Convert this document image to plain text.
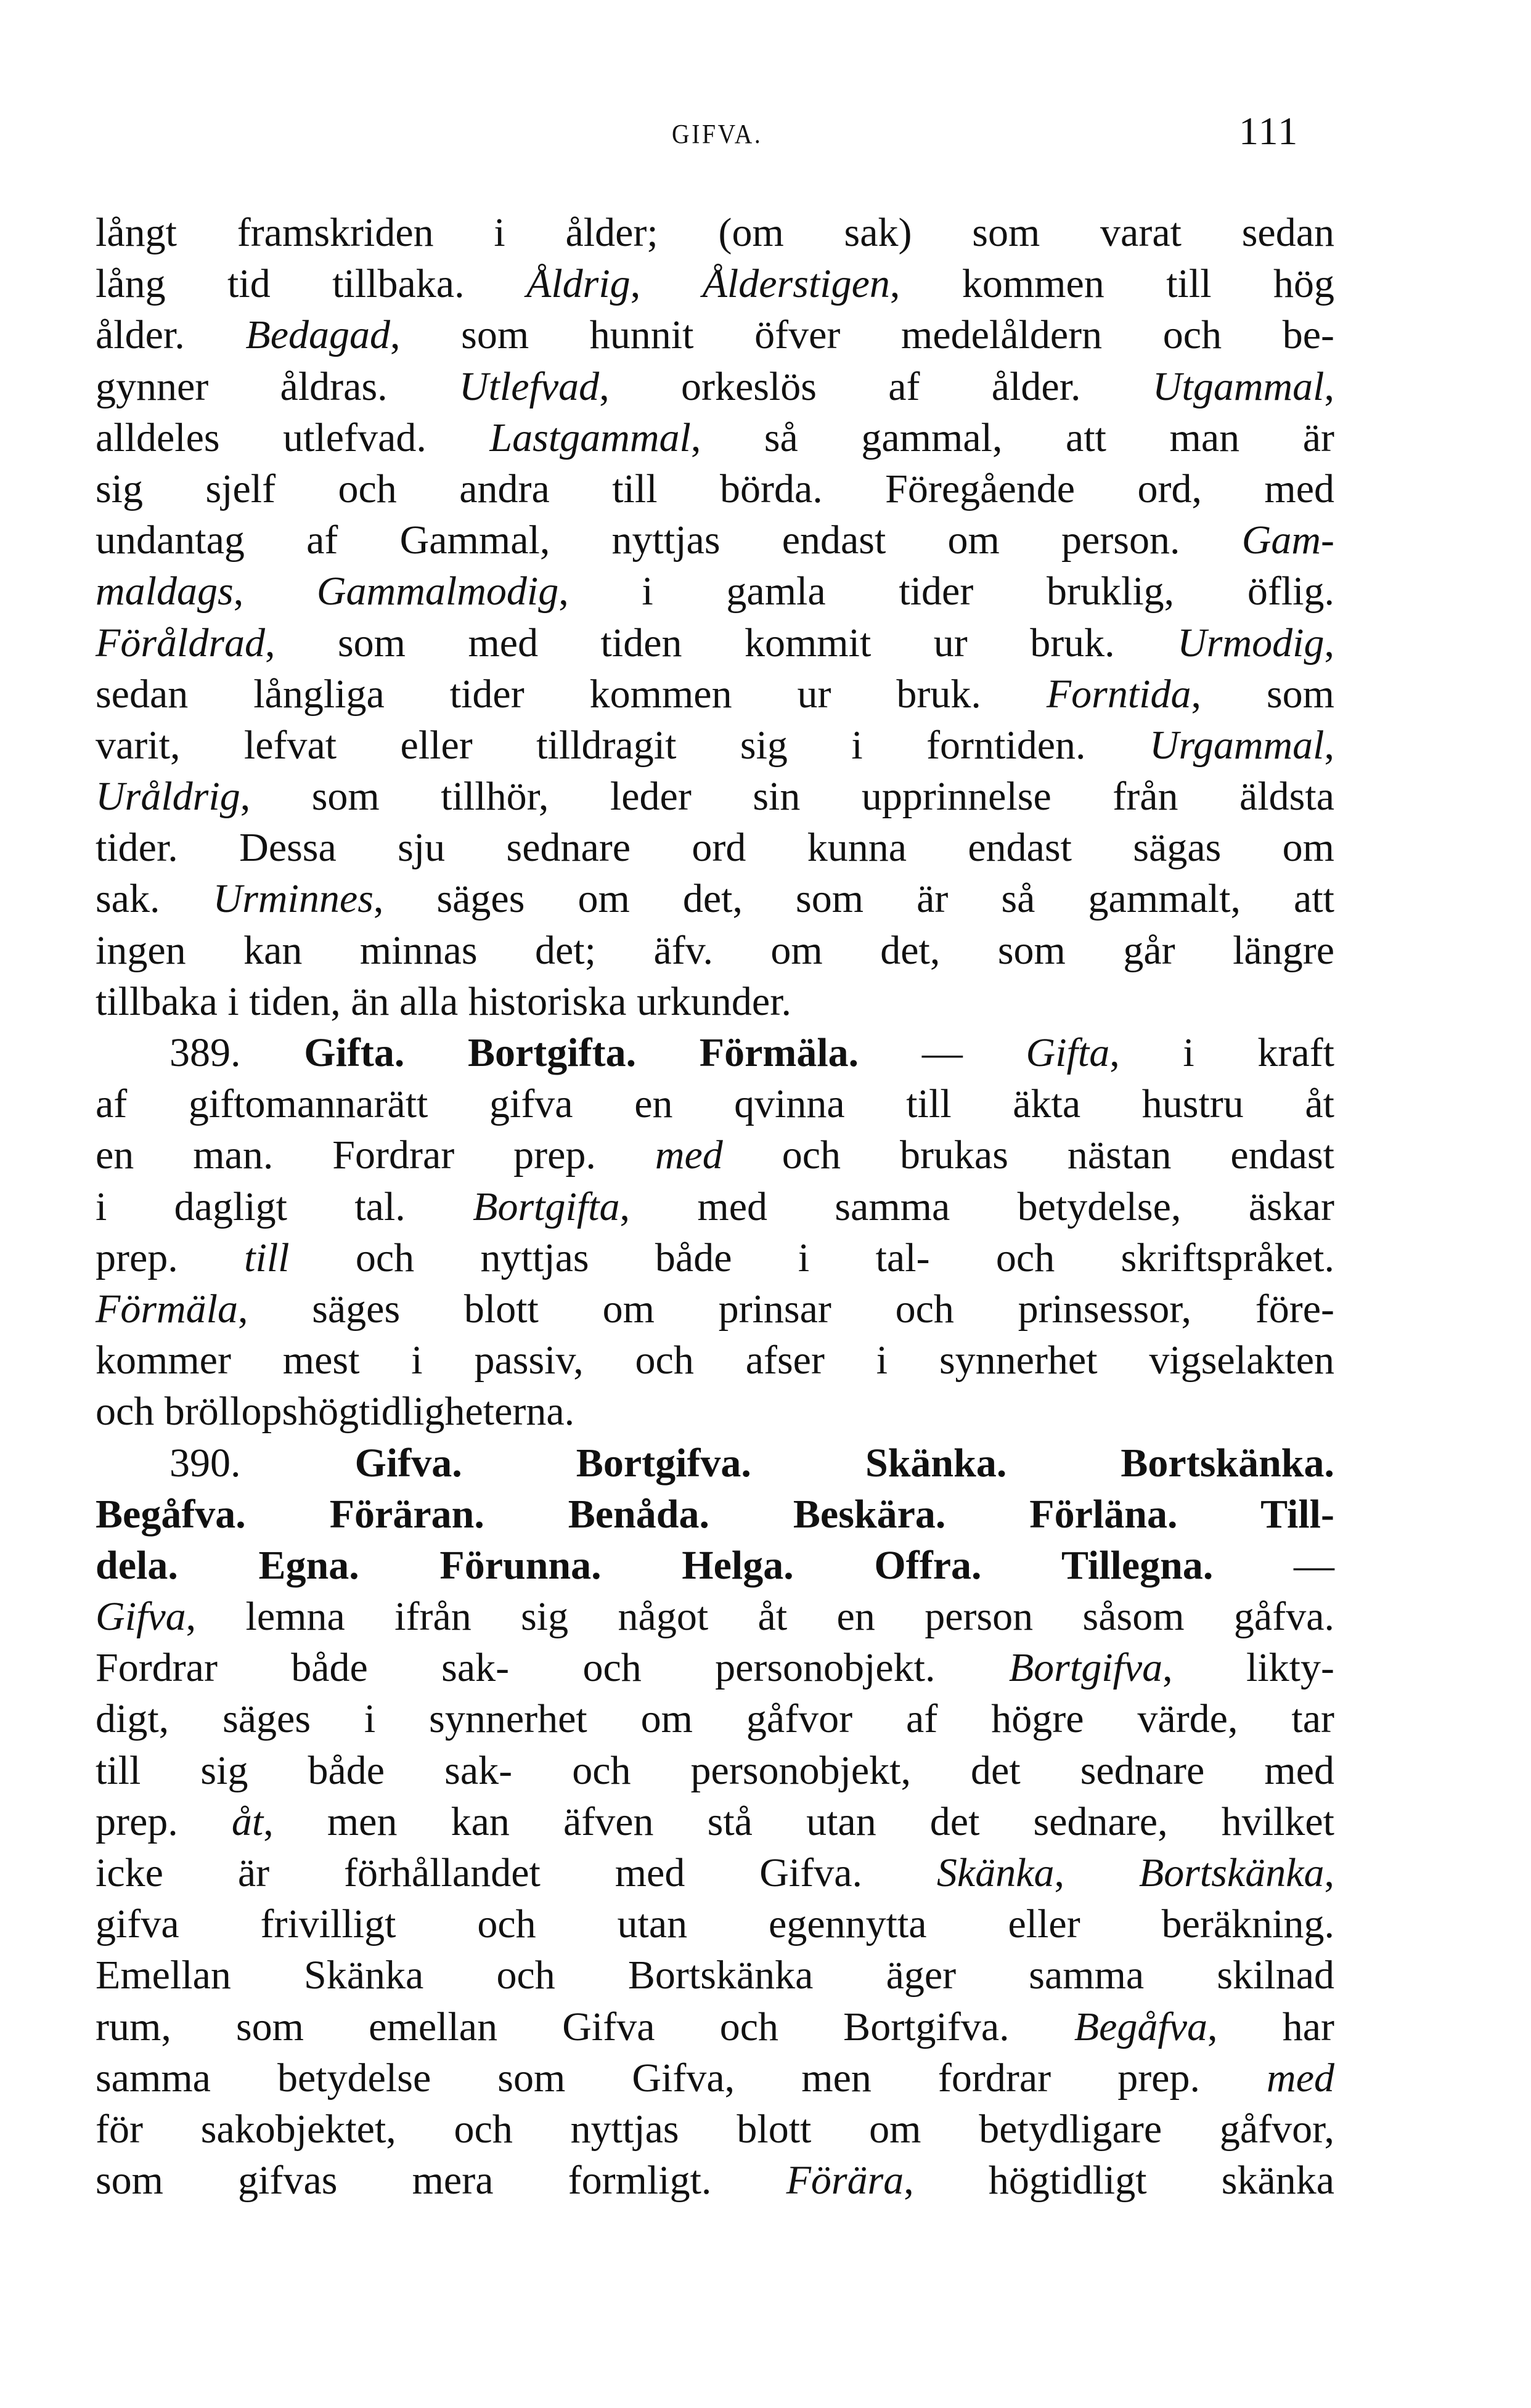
GIFVA.	111
långt framskriden i ålder; (om sak) som varat sedan
lång tid tillbaka. Åldrig, Ålderstigen, kommen till hög
ålder. Bedagad, som hunnit öfver medelåldern och be-
gynner åldras. Utlefvad, orkeslös af ålder. Utgammal,
alldeles utlefvad. Lastgammal, så gammal, att man är
sig sjelf och andra till börda. Föregående ord, med
undantag af Gammal, nyttjas endast om person. Gam-
maldags, Gammalmodig, i gamla tider bruklig, öflig.
Föråldrad, som med tiden kommit ur bruk. Urmodig,
sedan långliga tider kommen ur bruk. Forntida, som
varit, lefvat eller tilldragit sig i forntiden. Urgammal,
Uråldrig, som tillhör, leder sin upprinnelse från äldsta
tider. Dessa sju sednare ord kunna endast sägas om
sak. Urminnes, säges om det, som är så gammalt, att
ingen kan minnas det; äfv. om det, som går längre
tillbaka i tiden, än alla historiska urkunder.
389. Gifta. Bortgifta. Förmäla. — Gifta, i kraft
af giftomannarätt gifva en qvinna till äkta hustru åt
en man. Fordrar prep. med och brukas nästan endast
i dagligt tal. Bortgifta, med samma betydelse, äskar
prep. till och nyttjas både i tal- och skriftspråket.
Förmäla, säges blott om prinsar och prinsessor, före-
kommer mest i passiv, och afser i synnerhet vigselakten
och bröllopshögtidligheterna.
390. Gifva. Bortgifva. Skänka. Bortskänka.
Begåfva. Föräran. Benåda. Beskära. Förläna. Till-
dela. Egna. Förunna. Helga. Offra. Tillegna. —
Gifva, lemna ifrån sig något åt en person såsom gåfva.
Fordrar både sak- och personobjekt. Bortgifva, likty-
digt, säges i synnerhet om gåfvor af högre värde, tar
till sig både sak- och personobjekt, det sednare med
prep. åt, men kan äfven stå utan det sednare, hvilket
icke är förhållandet med Gifva. Skänka, Bortskänka,
gifva frivilligt och utan egennytta eller beräkning.
Emellan Skänka och Bortskänka äger samma skilnad
rum, som emellan Gifva och Bortgifva. Begåfva, har
samma betydelse som Gifva, men fordrar prep. med
för sakobjektet, och nyttjas blott om betydligare gåfvor,
som gifvas mera formligt. Förära, högtidligt skänka
